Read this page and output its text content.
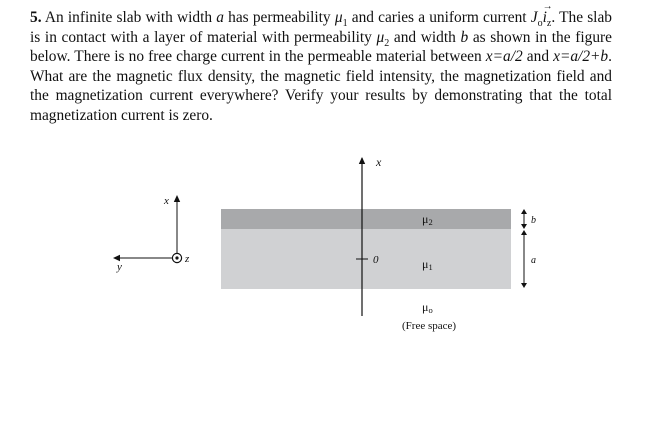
5. An infinite slab with width a has permeability $\mu_1$ and caries a uniform current $J_oi \to_z$. The slab is in contact with a layer of material with permeability $\mu_2$ and width b as shown in the figure below. There is no free charge current in the permeable material between x=a/2 and x=a/2+b. What are the magnetic flux density, the magnetic field intensity, the magnetization field and the magnetization current everywhere? Verify your results by demonstrating that the total magnetization current is zero.
x
y
z
x
0
μ2
μ1
μo
(Free space)
b
a
